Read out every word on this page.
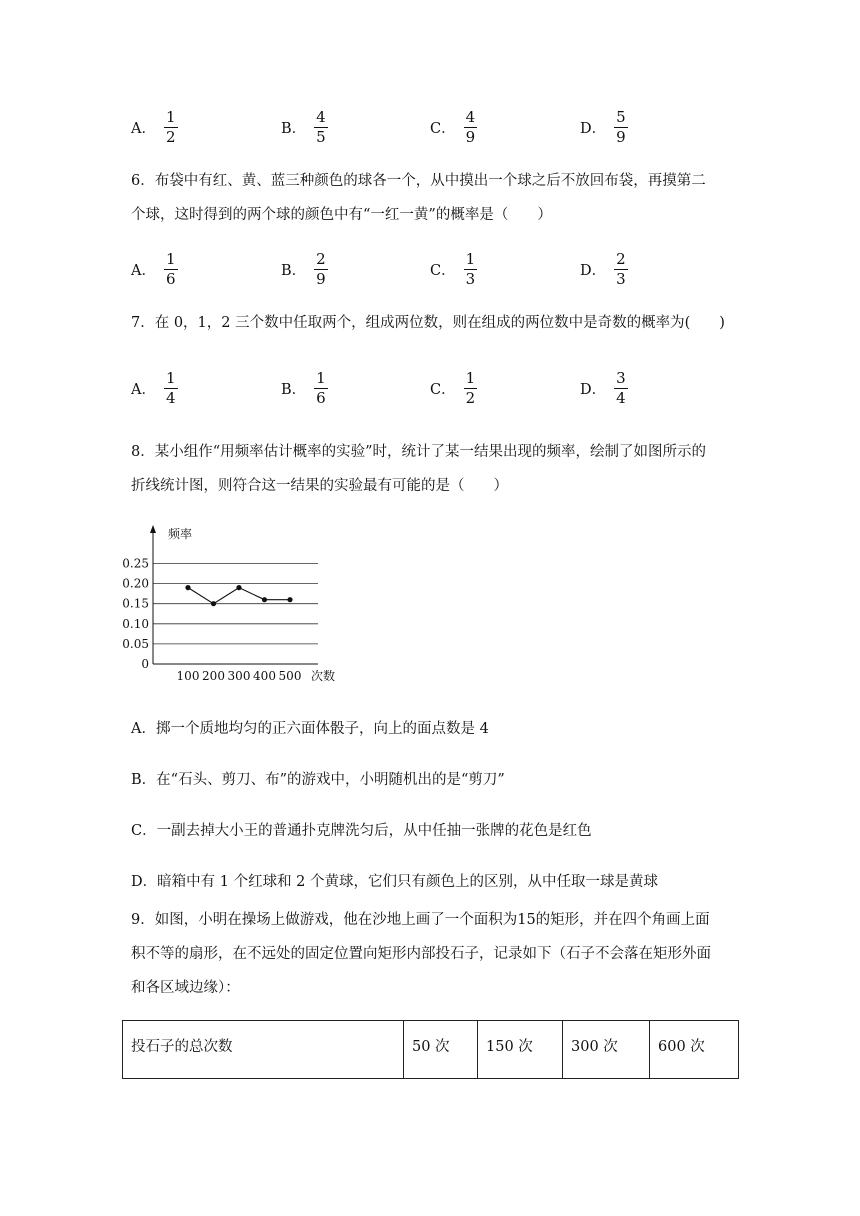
A． $\frac{1}{2}$	B． $\frac{4}{5}$	C． $\frac{4}{9}$	D． $\frac{5}{9}$
6．布袋中有红、黄、蓝三种颜色的球各一个，从中摸出一个球之后不放回布袋，再摸第二
个球，这时得到的两个球的颜色中有“一红一黄”的概率是（　　）
A． $\frac{1}{6}$	B． $\frac{2}{9}$	C． $\frac{1}{3}$	D． $\frac{2}{3}$
7．在 0，1，2 三个数中任取两个，组成两位数，则在组成的两位数中是奇数的概率为(　　)
A． $\frac{1}{4}$	B． $\frac{1}{6}$	C． $\frac{1}{2}$	D． $\frac{3}{4}$
8．某小组作“用频率估计概率的实验”时，统计了某一结果出现的频率，绘制了如图所示的
折线统计图，则符合这一结果的实验最有可能的是（　　）
频率
次数
0
0.05
0.10
0.15
0.20
0.25
100 200 300 400 500
A．掷一个质地均匀的正六面体骰子，向上的面点数是 4
B．在“石头、剪刀、布”的游戏中，小明随机出的是“剪刀”
C．一副去掉大小王的普通扑克牌洗匀后，从中任抽一张牌的花色是红色
D．暗箱中有 1 个红球和 2 个黄球，它们只有颜色上的区别，从中任取一球是黄球
9．如图，小明在操场上做游戏，他在沙地上画了一个面积为15的矩形，并在四个角画上面
积不等的扇形，在不远处的固定位置向矩形内部投石子，记录如下（石子不会落在矩形外面
和各区域边缘）：
投石子的总次数	50 次	150 次	300 次	600 次
